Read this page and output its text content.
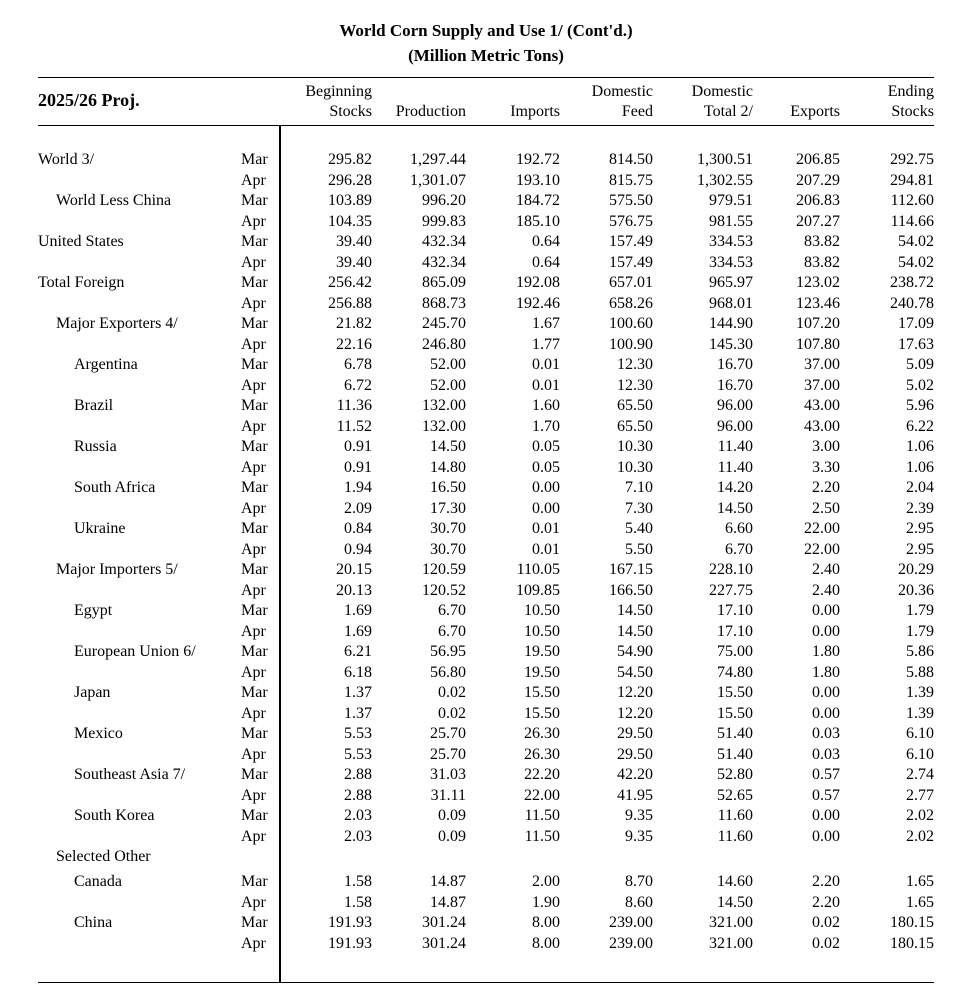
World Corn Supply and Use 1/ (Cont'd.)
(Million Metric Tons)
2025/26 Proj.	Beginning
Stocks
	Production
	Imports
Domestic
Feed
Domestic
Total 2/
	Exports
Ending
Stocks
World 3/	Mar	295.82	1,297.44	192.72	814.50	1,300.51	206.85	292.75
Apr	296.28	1,301.07	193.10	815.75	1,302.55	207.29	294.81
World Less China	Mar	103.89	996.20	184.72	575.50	979.51	206.83	112.60
Apr	104.35	999.83	185.10	576.75	981.55	207.27	114.66
United States	Mar	39.40	432.34	0.64	157.49	334.53	83.82	54.02
Apr	39.40	432.34	0.64	157.49	334.53	83.82	54.02
Total Foreign	Mar	256.42	865.09	192.08	657.01	965.97	123.02	238.72
Apr	256.88	868.73	192.46	658.26	968.01	123.46	240.78
Major Exporters 4/	Mar	21.82	245.70	1.67	100.60	144.90	107.20	17.09
Apr	22.16	246.80	1.77	100.90	145.30	107.80	17.63
Argentina	Mar	6.78	52.00	0.01	12.30	16.70	37.00	5.09
Apr	6.72	52.00	0.01	12.30	16.70	37.00	5.02
Brazil	Mar	11.36	132.00	1.60	65.50	96.00	43.00	5.96
Apr	11.52	132.00	1.70	65.50	96.00	43.00	6.22
Russia	Mar	0.91	14.50	0.05	10.30	11.40	3.00	1.06
Apr	0.91	14.80	0.05	10.30	11.40	3.30	1.06
South Africa	Mar	1.94	16.50	0.00	7.10	14.20	2.20	2.04
Apr	2.09	17.30	0.00	7.30	14.50	2.50	2.39
Ukraine	Mar	0.84	30.70	0.01	5.40	6.60	22.00	2.95
Apr	0.94	30.70	0.01	5.50	6.70	22.00	2.95
Major Importers 5/	Mar	20.15	120.59	110.05	167.15	228.10	2.40	20.29
Apr	20.13	120.52	109.85	166.50	227.75	2.40	20.36
Egypt	Mar	1.69	6.70	10.50	14.50	17.10	0.00	1.79
Apr	1.69	6.70	10.50	14.50	17.10	0.00	1.79
European Union 6/	Mar	6.21	56.95	19.50	54.90	75.00	1.80	5.86
Apr	6.18	56.80	19.50	54.50	74.80	1.80	5.88
Japan	Mar	1.37	0.02	15.50	12.20	15.50	0.00	1.39
Apr	1.37	0.02	15.50	12.20	15.50	0.00	1.39
Mexico	Mar	5.53	25.70	26.30	29.50	51.40	0.03	6.10
Apr	5.53	25.70	26.30	29.50	51.40	0.03	6.10
Southeast Asia 7/	Mar	2.88	31.03	22.20	42.20	52.80	0.57	2.74
Apr	2.88	31.11	22.00	41.95	52.65	0.57	2.77
South Korea	Mar	2.03	0.09	11.50	9.35	11.60	0.00	2.02
Apr	2.03	0.09	11.50	9.35	11.60	0.00	2.02
Selected Other
Canada	Mar	1.58	14.87	2.00	8.70	14.60	2.20	1.65
Apr	1.58	14.87	1.90	8.60	14.50	2.20	1.65
China	Mar	191.93	301.24	8.00	239.00	321.00	0.02	180.15
Apr	191.93	301.24	8.00	239.00	321.00	0.02	180.15
